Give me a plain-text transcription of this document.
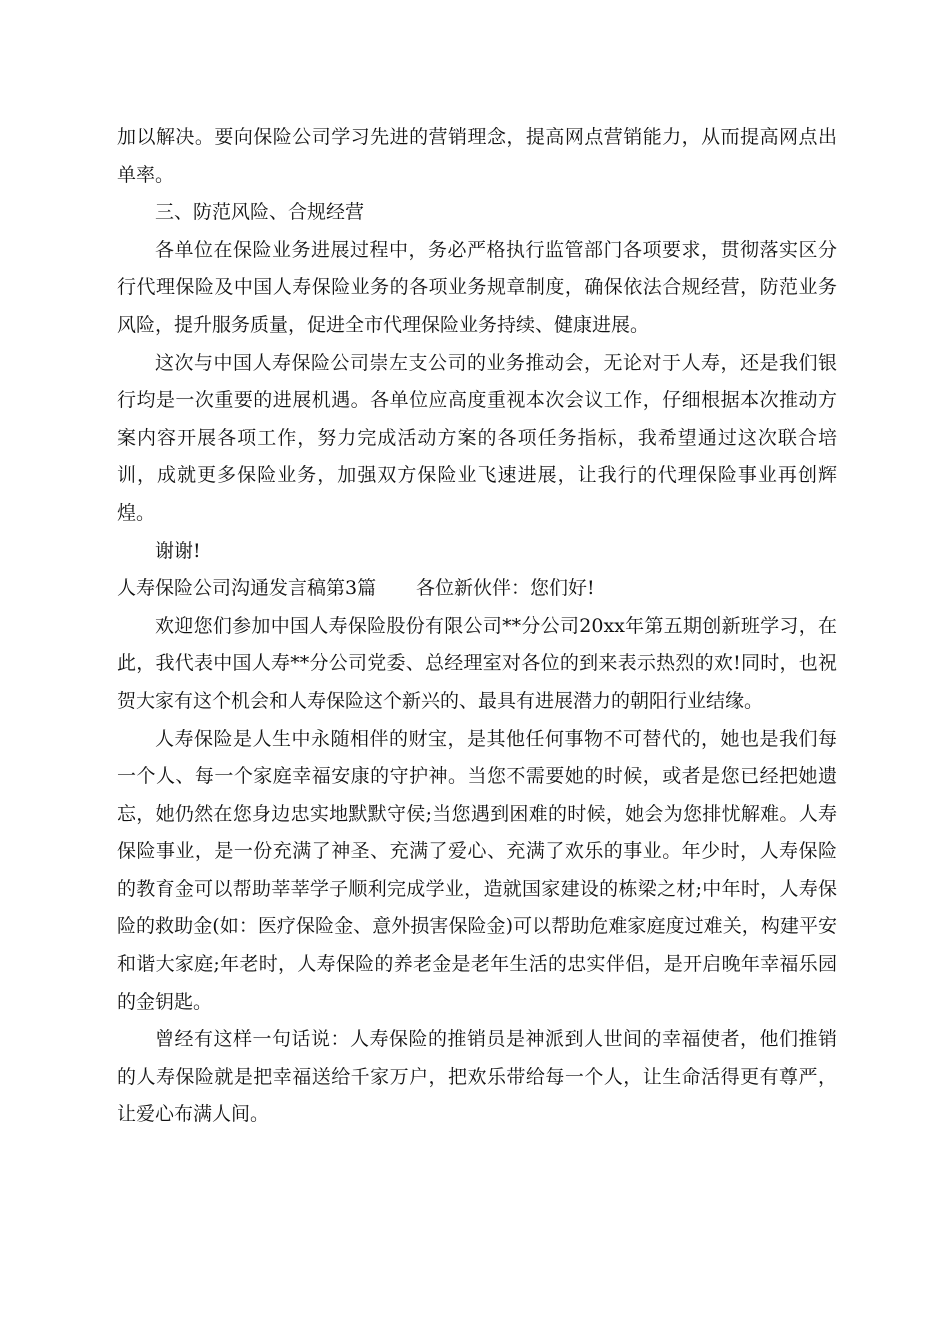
加以解决。要向保险公司学习先进的营销理念，提高网点营销能力，从而提高网点出单率。

三、防范风险、合规经营

各单位在保险业务进展过程中，务必严格执行监管部门各项要求，贯彻落实区分行代理保险及中国人寿保险业务的各项业务规章制度，确保依法合规经营，防范业务风险，提升服务质量，促进全市代理保险业务持续、健康进展。

这次与中国人寿保险公司崇左支公司的业务推动会，无论对于人寿，还是我们银行均是一次重要的进展机遇。各单位应高度重视本次会议工作，仔细根据本次推动方案内容开展各项工作，努力完成活动方案的各项任务指标，我希望通过这次联合培训，成就更多保险业务，加强双方保险业飞速进展，让我行的代理保险事业再创辉煌。

谢谢!

人寿保险公司沟通发言稿第3篇 各位新伙伴：您们好!

欢迎您们参加中国人寿保险股份有限公司**分公司20xx年第五期创新班学习，在此，我代表中国人寿**分公司党委、总经理室对各位的到来表示热烈的欢!同时，也祝贺大家有这个机会和人寿保险这个新兴的、最具有进展潜力的朝阳行业结缘。

人寿保险是人生中永随相伴的财宝，是其他任何事物不可替代的，她也是我们每一个人、每一个家庭幸福安康的守护神。当您不需要她的时候，或者是您已经把她遗忘，她仍然在您身边忠实地默默守侯;当您遇到困难的时候，她会为您排忧解难。人寿保险事业，是一份充满了神圣、充满了爱心、充满了欢乐的事业。年少时，人寿保险的教育金可以帮助莘莘学子顺利完成学业，造就国家建设的栋梁之材;中年时，人寿保险的救助金(如：医疗保险金、意外损害保险金)可以帮助危难家庭度过难关，构建平安和谐大家庭;年老时，人寿保险的养老金是老年生活的忠实伴侣，是开启晚年幸福乐园的金钥匙。

曾经有这样一句话说：人寿保险的推销员是神派到人世间的幸福使者，他们推销的人寿保险就是把幸福送给千家万户，把欢乐带给每一个人，让生命活得更有尊严，让爱心布满人间。
